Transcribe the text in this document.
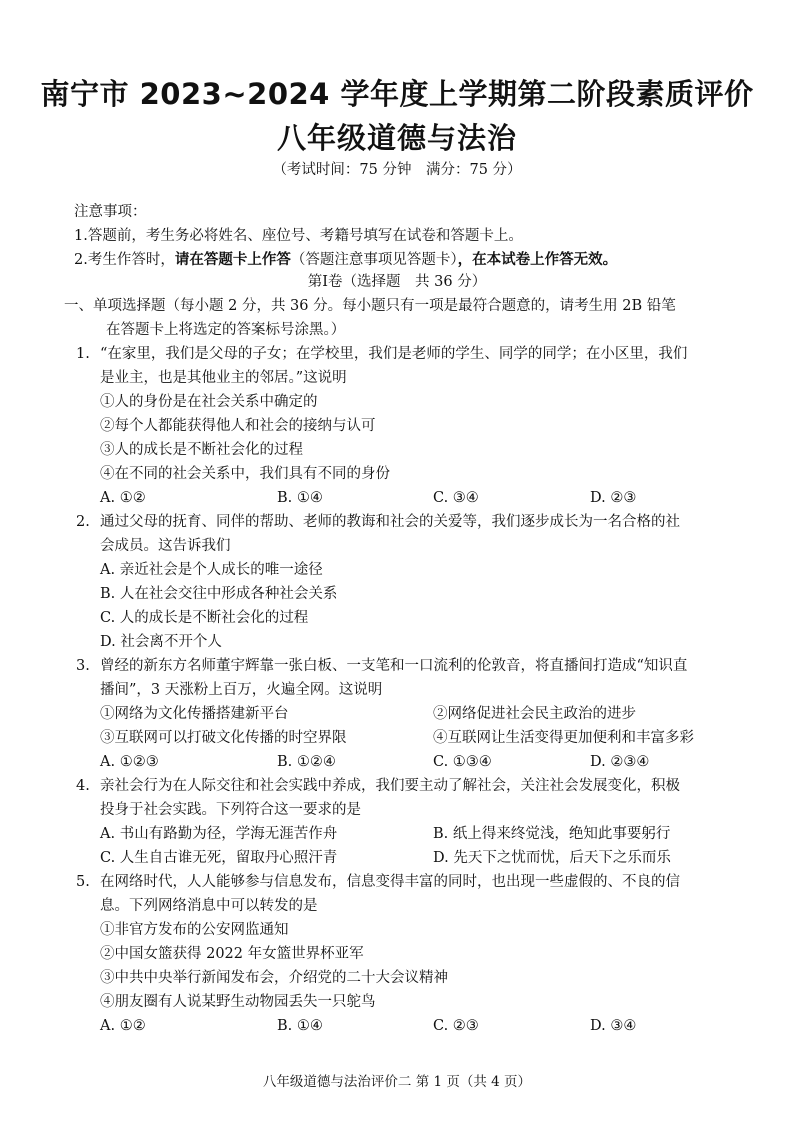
南宁市 2023~2024 学年度上学期第二阶段素质评价
八年级道德与法治
（考试时间：75 分钟　满分：75 分）
注意事项：
1.答题前，考生务必将姓名、座位号、考籍号填写在试卷和答题卡上。
2.考生作答时，请在答题卡上作答（答题注意事项见答题卡），在本试卷上作答无效。
第Ⅰ卷（选择题　共 36 分）
一、单项选择题（每小题 2 分，共 36 分。每小题只有一项是最符合题意的，请考生用 2B 铅笔
在答题卡上将选定的答案标号涂黑。）
1. “在家里，我们是父母的子女；在学校里，我们是老师的学生、同学的同学；在小区里，我们
是业主，也是其他业主的邻居。”这说明
①人的身份是在社会关系中确定的
②每个人都能获得他人和社会的接纳与认可
③人的成长是不断社会化的过程
④在不同的社会关系中，我们具有不同的身份
A. ①②	B. ①④	C. ③④	D. ②③
2. 通过父母的抚育、同伴的帮助、老师的教诲和社会的关爱等，我们逐步成长为一名合格的社
会成员。这告诉我们
A. 亲近社会是个人成长的唯一途径
B. 人在社会交往中形成各种社会关系
C. 人的成长是不断社会化的过程
D. 社会离不开个人
3. 曾经的新东方名师董宇辉靠一张白板、一支笔和一口流利的伦敦音，将直播间打造成“知识直
播间”，3 天涨粉上百万，火遍全网。这说明
①网络为文化传播搭建新平台	②网络促进社会民主政治的进步
③互联网可以打破文化传播的时空界限	④互联网让生活变得更加便利和丰富多彩
A. ①②③	B. ①②④	C. ①③④	D. ②③④
4. 亲社会行为在人际交往和社会实践中养成，我们要主动了解社会，关注社会发展变化，积极
投身于社会实践。下列符合这一要求的是
A. 书山有路勤为径，学海无涯苦作舟	B. 纸上得来终觉浅，绝知此事要躬行
C. 人生自古谁无死，留取丹心照汗青	D. 先天下之忧而忧，后天下之乐而乐
5. 在网络时代，人人能够参与信息发布，信息变得丰富的同时，也出现一些虚假的、不良的信
息。下列网络消息中可以转发的是
①非官方发布的公安网监通知
②中国女篮获得 2022 年女篮世界杯亚军
③中共中央举行新闻发布会，介绍党的二十大会议精神
④朋友圈有人说某野生动物园丢失一只鸵鸟
A. ①②	B. ①④	C. ②③	D. ③④
八年级道德与法治评价二 第 1 页（共 4 页）
